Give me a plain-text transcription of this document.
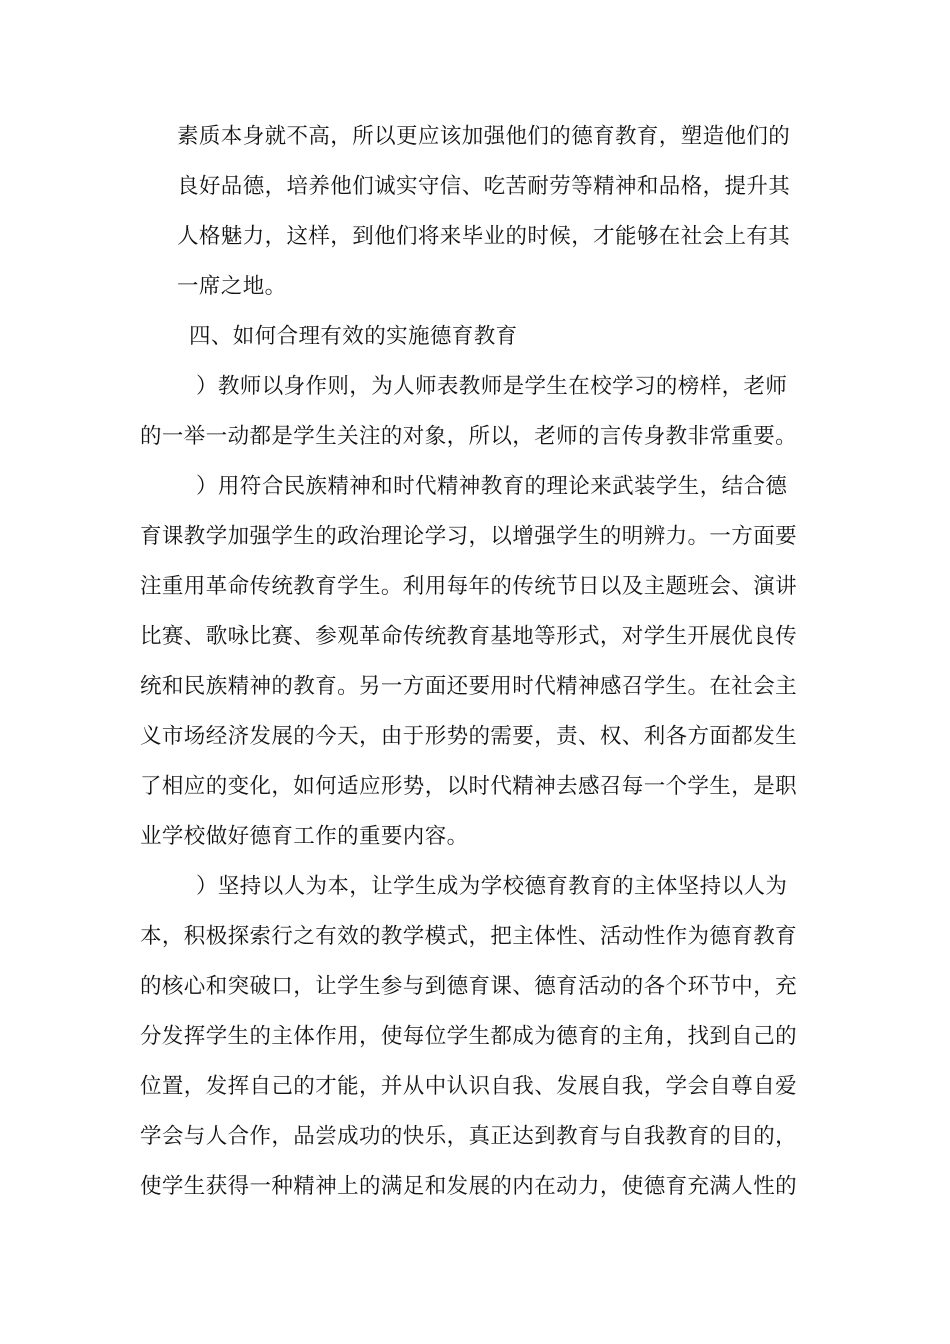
素质本身就不高，所以更应该加强他们的德育教育，塑造他们的
良好品德，培养他们诚实守信、吃苦耐劳等精神和品格，提升其
人格魅力，这样，到他们将来毕业的时候，才能够在社会上有其
一席之地。
四、如何合理有效的实施德育教育
）教师以身作则，为人师表教师是学生在校学习的榜样，老师
的一举一动都是学生关注的对象，所以，老师的言传身教非常重要。
）用符合民族精神和时代精神教育的理论来武装学生，结合德
育课教学加强学生的政治理论学习，以增强学生的明辨力。一方面要
注重用革命传统教育学生。利用每年的传统节日以及主题班会、演讲
比赛、歌咏比赛、参观革命传统教育基地等形式，对学生开展优良传
统和民族精神的教育。另一方面还要用时代精神感召学生。在社会主
义市场经济发展的今天，由于形势的需要，责、权、利各方面都发生
了相应的变化，如何适应形势，以时代精神去感召每一个学生，是职
业学校做好德育工作的重要内容。
）坚持以人为本，让学生成为学校德育教育的主体坚持以人为
本，积极探索行之有效的教学模式，把主体性、活动性作为德育教育
的核心和突破口，让学生参与到德育课、德育活动的各个环节中，充
分发挥学生的主体作用，使每位学生都成为德育的主角，找到自己的
位置，发挥自己的才能，并从中认识自我、发展自我，学会自尊自爱
学会与人合作，品尝成功的快乐，真正达到教育与自我教育的目的，
使学生获得一种精神上的满足和发展的内在动力，使德育充满人性的
